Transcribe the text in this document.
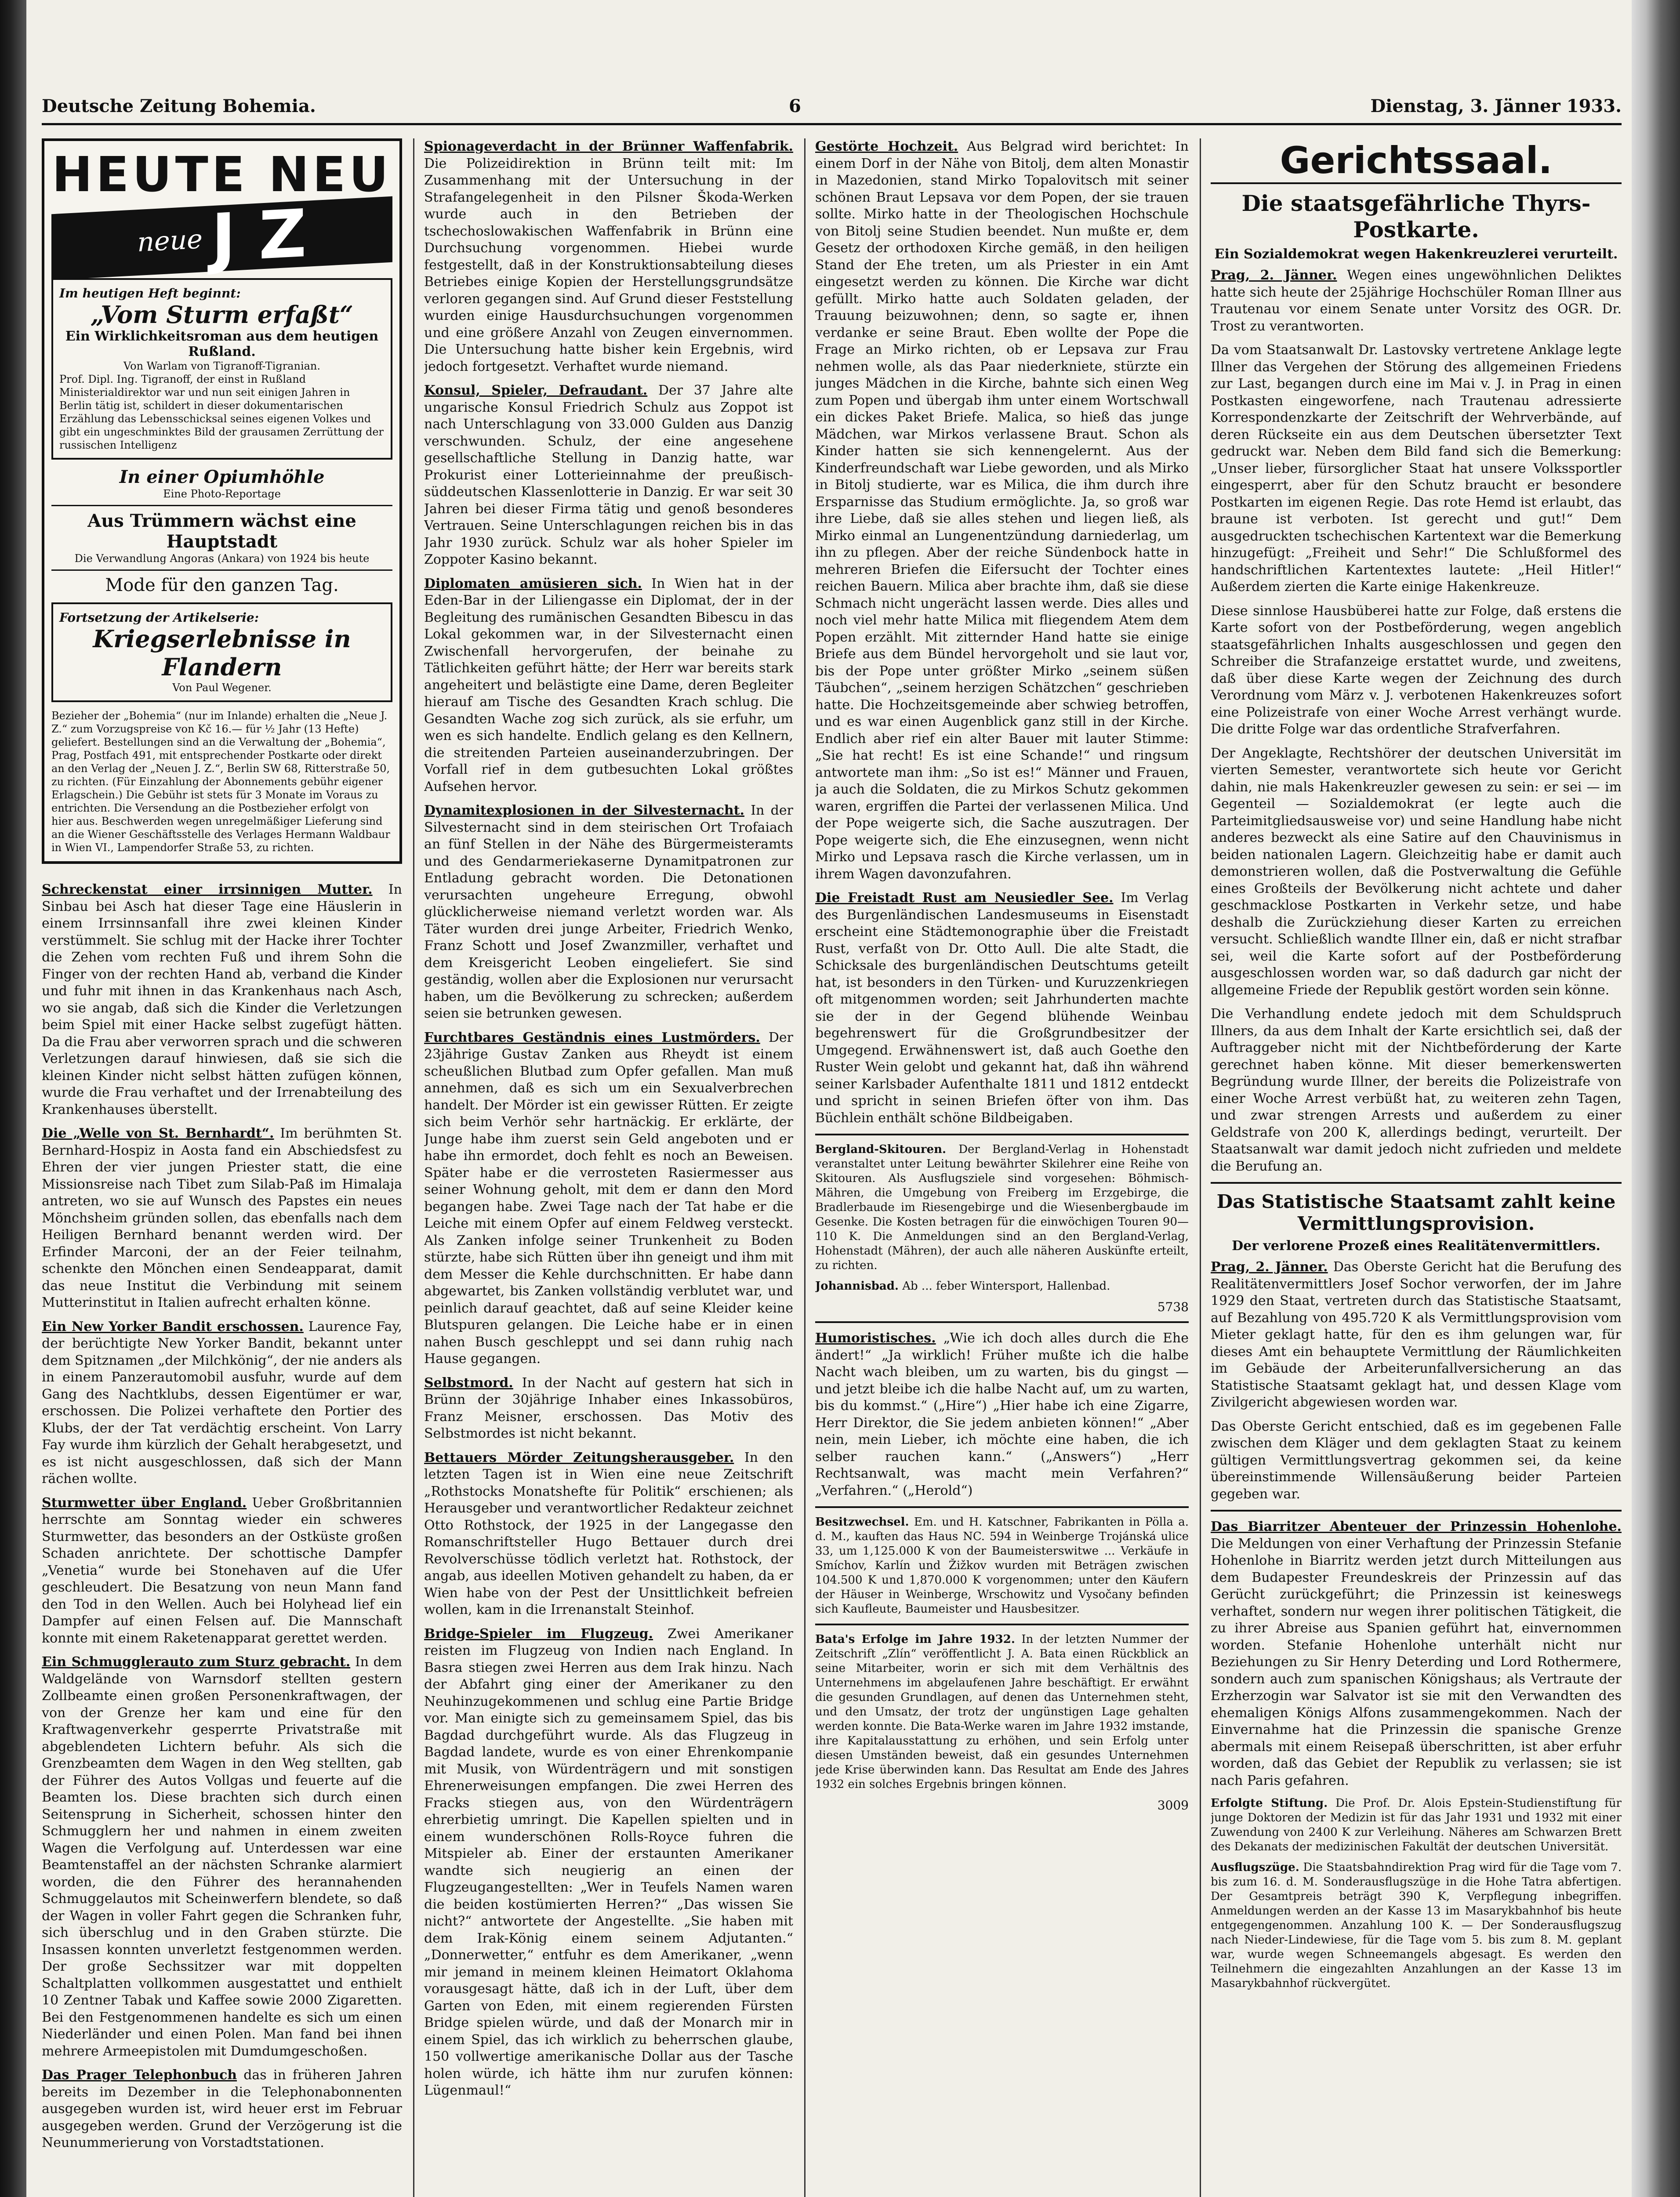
Deutsche Zeitung Bohemia.	6	Dienstag, 3. Jänner 1933.
HEUTE NEU
neue J Z
Im heutigen Heft beginnt:
„Vom Sturm erfaßt“
Ein Wirklichkeitsroman aus dem heutigen Rußland.
Von Warlam von Tigranoff-Tigranian.
Prof. Dipl. Ing. Tigranoff, der einst in Rußland Ministerialdirektor war und nun seit einigen Jahren in Berlin tätig ist, schildert in dieser dokumentarischen Erzählung das Lebensschicksal seines eigenen Volkes und gibt ein ungeschminktes Bild der grausamen Zerrüttung der russischen Intelligenz
In einer Opiumhöhle
Eine Photo-Reportage
Aus Trümmern wächst eine Hauptstadt
Die Verwandlung Angoras (Ankara) von 1924 bis heute
Mode für den ganzen Tag.
Fortsetzung der Artikelserie:
Kriegserlebnisse in Flandern
Von Paul Wegener.
Bezieher der „Bohemia“ (nur im Inlande) erhalten die „Neue J. Z.“ zum Vorzugspreise von Kč 16.— für ½ Jahr (13 Hefte) geliefert. Bestellungen sind an die Verwaltung der „Bohemia“, Prag, Postfach 491, mit entsprechender Postkarte oder direkt an den Verlag der „Neuen J. Z.“, Berlin SW 68, Ritterstraße 50, zu richten. (Für Einzahlung der Abonnements gebühr eigener Erlagschein.) Die Gebühr ist stets für 3 Monate im Voraus zu entrichten. Die Versendung an die Postbezieher erfolgt von hier aus. Beschwerden wegen unregelmäßiger Lieferung sind an die Wiener Geschäftsstelle des Verlages Hermann Waldbaur in Wien VI., Lampendorfer Straße 53, zu richten.

Schreckenstat einer irrsinnigen Mutter. In Sinbau bei Asch hat dieser Tage eine Häuslerin in einem Irrsinnsanfall ihre zwei kleinen Kinder verstümmelt. Sie schlug mit der Hacke ihrer Tochter die Zehen vom rechten Fuß und ihrem Sohn die Finger von der rechten Hand ab, verband die Kinder und fuhr mit ihnen in das Krankenhaus nach Asch, wo sie angab, daß sich die Kinder die Verletzungen beim Spiel mit einer Hacke selbst zugefügt hätten. Da die Frau aber verworren sprach und die schweren Verletzungen darauf hinwiesen, daß sie sich die kleinen Kinder nicht selbst hätten zufügen können, wurde die Frau verhaftet und der Irrenabteilung des Krankenhauses überstellt.

Die „Welle von St. Bernhardt“. Im berühmten St. Bernhard-Hospiz in Aosta fand ein Abschiedsfest zu Ehren der vier jungen Priester statt, die eine Missionsreise nach Tibet zum Silab-Paß im Himalaja antreten, wo sie auf Wunsch des Papstes ein neues Mönchsheim gründen sollen, das ebenfalls nach dem Heiligen Bernhard benannt werden wird. Der Erfinder Marconi, der an der Feier teilnahm, schenkte den Mönchen einen Sendeapparat, damit das neue Institut die Verbindung mit seinem Mutterinstitut in Italien aufrecht erhalten könne.

Ein New Yorker Bandit erschossen. Laurence Fay, der berüchtigte New Yorker Bandit, bekannt unter dem Spitznamen „der Milchkönig“, der nie anders als in einem Panzerautomobil ausfuhr, wurde auf dem Gang des Nachtklubs, dessen Eigentümer er war, erschossen. Die Polizei verhaftete den Portier des Klubs, der der Tat verdächtig erscheint. Von Larry Fay wurde ihm kürzlich der Gehalt herabgesetzt, und es ist nicht ausgeschlossen, daß sich der Mann rächen wollte.

Sturmwetter über England. Ueber Großbritannien herrschte am Sonntag wieder ein schweres Sturmwetter, das besonders an der Ostküste großen Schaden anrichtete. Der schottische Dampfer „Venetia“ wurde bei Stonehaven auf die Ufer geschleudert. Die Besatzung von neun Mann fand den Tod in den Wellen. Auch bei Holyhead lief ein Dampfer auf einen Felsen auf. Die Mannschaft konnte mit einem Raketenapparat gerettet werden.

Ein Schmugglerauto zum Sturz gebracht. In dem Waldgelände von Warnsdorf stellten gestern Zollbeamte einen großen Personenkraftwagen, der von der Grenze her kam und eine für den Kraftwagenverkehr gesperrte Privatstraße mit abgeblendeten Lichtern befuhr. Als sich die Grenzbeamten dem Wagen in den Weg stellten, gab der Führer des Autos Vollgas und feuerte auf die Beamten los. Diese brachten sich durch einen Seitensprung in Sicherheit, schossen hinter den Schmugglern her und nahmen in einem zweiten Wagen die Verfolgung auf. Unterdessen war eine Beamtenstaffel an der nächsten Schranke alarmiert worden, die den Führer des herannahenden Schmuggelautos mit Scheinwerfern blendete, so daß der Wagen in voller Fahrt gegen die Schranken fuhr, sich überschlug und in den Graben stürzte. Die Insassen konnten unverletzt festgenommen werden. Der große Sechssitzer war mit doppelten Schaltplatten vollkommen ausgestattet und enthielt 10 Zentner Tabak und Kaffee sowie 2000 Zigaretten. Bei den Festgenommenen handelte es sich um einen Niederländer und einen Polen. Man fand bei ihnen mehrere Armeepistolen mit Dumdumgeschoßen.

Das Prager Telephonbuch das in früheren Jahren bereits im Dezember in die Telephonabonnenten ausgegeben wurden ist, wird heuer erst im Februar ausgegeben werden. Grund der Verzögerung ist die Neunummerierung von Vorstadtstationen.

Spionageverdacht in der Brünner Waffenfabrik. Die Polizeidirektion in Brünn teilt mit: Im Zusammenhang mit der Untersuchung in der Strafangelegenheit in den Pilsner Škoda-Werken wurde auch in den Betrieben der tschechoslowakischen Waffenfabrik in Brünn eine Durchsuchung vorgenommen. Hiebei wurde festgestellt, daß in der Konstruktionsabteilung dieses Betriebes einige Kopien der Herstellungsgrundsätze verloren gegangen sind. Auf Grund dieser Feststellung wurden einige Hausdurchsuchungen vorgenommen und eine größere Anzahl von Zeugen einvernommen. Die Untersuchung hatte bisher kein Ergebnis, wird jedoch fortgesetzt. Verhaftet wurde niemand.

Konsul, Spieler, Defraudant. Der 37 Jahre alte ungarische Konsul Friedrich Schulz aus Zoppot ist nach Unterschlagung von 33.000 Gulden aus Danzig verschwunden. Schulz, der eine angesehene gesellschaftliche Stellung in Danzig hatte, war Prokurist einer Lotterieinnahme der preußisch-süddeutschen Klassenlotterie in Danzig. Er war seit 30 Jahren bei dieser Firma tätig und genoß besonderes Vertrauen. Seine Unterschlagungen reichen bis in das Jahr 1930 zurück. Schulz war als hoher Spieler im Zoppoter Kasino bekannt.

Diplomaten amüsieren sich. In Wien hat in der Eden-Bar in der Liliengasse ein Diplomat, der in der Begleitung des rumänischen Gesandten Bibescu in das Lokal gekommen war, in der Silvesternacht einen Zwischenfall hervorgerufen, der beinahe zu Tätlichkeiten geführt hätte; der Herr war bereits stark angeheitert und belästigte eine Dame, deren Begleiter hierauf am Tische des Gesandten Krach schlug. Die Gesandten Wache zog sich zurück, als sie erfuhr, um wen es sich handelte. Endlich gelang es den Kellnern, die streitenden Parteien auseinanderzubringen. Der Vorfall rief in dem gutbesuchten Lokal größtes Aufsehen hervor.

Dynamitexplosionen in der Silvesternacht. In der Silvesternacht sind in dem steirischen Ort Trofaiach an fünf Stellen in der Nähe des Bürgermeisteramts und des Gendarmeriekaserne Dynamitpatronen zur Entladung gebracht worden. Die Detonationen verursachten ungeheure Erregung, obwohl glücklicherweise niemand verletzt worden war. Als Täter wurden drei junge Arbeiter, Friedrich Wenko, Franz Schott und Josef Zwanzmiller, verhaftet und dem Kreisgericht Leoben eingeliefert. Sie sind geständig, wollen aber die Explosionen nur verursacht haben, um die Bevölkerung zu schrecken; außerdem seien sie betrunken gewesen.

Furchtbares Geständnis eines Lustmörders. Der 23jährige Gustav Zanken aus Rheydt ist einem scheußlichen Blutbad zum Opfer gefallen. Man muß annehmen, daß es sich um ein Sexualverbrechen handelt. Der Mörder ist ein gewisser Rütten. Er zeigte sich beim Verhör sehr hartnäckig. Er erklärte, der Junge habe ihm zuerst sein Geld angeboten und er habe ihn ermordet, doch fehlt es noch an Beweisen. Später habe er die verrosteten Rasiermesser aus seiner Wohnung geholt, mit dem er dann den Mord begangen habe. Zwei Tage nach der Tat habe er die Leiche mit einem Opfer auf einem Feldweg versteckt. Als Zanken infolge seiner Trunkenheit zu Boden stürzte, habe sich Rütten über ihn geneigt und ihm mit dem Messer die Kehle durchschnitten. Er habe dann abgewartet, bis Zanken vollständig verblutet war, und peinlich darauf geachtet, daß auf seine Kleider keine Blutspuren gelangen. Die Leiche habe er in einen nahen Busch geschleppt und sei dann ruhig nach Hause gegangen.

Selbstmord. In der Nacht auf gestern hat sich in Brünn der 30jährige Inhaber eines Inkassobüros, Franz Meisner, erschossen. Das Motiv des Selbstmordes ist nicht bekannt.

Bettauers Mörder Zeitungsherausgeber. In den letzten Tagen ist in Wien eine neue Zeitschrift „Rothstocks Monatshefte für Politik“ erschienen; als Herausgeber und verantwortlicher Redakteur zeichnet Otto Rothstock, der 1925 in der Langegasse den Romanschriftsteller Hugo Bettauer durch drei Revolverschüsse tödlich verletzt hat. Rothstock, der angab, aus ideellen Motiven gehandelt zu haben, da er Wien habe von der Pest der Unsittlichkeit befreien wollen, kam in die Irrenanstalt Steinhof.

Bridge-Spieler im Flugzeug. Zwei Amerikaner reisten im Flugzeug von Indien nach England. In Basra stiegen zwei Herren aus dem Irak hinzu. Nach der Abfahrt ging einer der Amerikaner zu den Neuhinzugekommenen und schlug eine Partie Bridge vor. Man einigte sich zu gemeinsamem Spiel, das bis Bagdad durchgeführt wurde. Als das Flugzeug in Bagdad landete, wurde es von einer Ehrenkompanie mit Musik, von Würdenträgern und mit sonstigen Ehrenerweisungen empfangen. Die zwei Herren des Fracks stiegen aus, von den Würdenträgern ehrerbietig umringt. Die Kapellen spielten und in einem wunderschönen Rolls-Royce fuhren die Mitspieler ab. Einer der erstaunten Amerikaner wandte sich neugierig an einen der Flugzeugangestellten: „Wer in Teufels Namen waren die beiden kostümierten Herren?“ „Das wissen Sie nicht?“ antwortete der Angestellte. „Sie haben mit dem Irak-König einem seinem Adjutanten.“ „Donnerwetter,“ entfuhr es dem Amerikaner, „wenn mir jemand in meinem kleinen Heimatort Oklahoma vorausgesagt hätte, daß ich in der Luft, über dem Garten von Eden, mit einem regierenden Fürsten Bridge spielen würde, und daß der Monarch mir in einem Spiel, das ich wirklich zu beherrschen glaube, 150 vollwertige amerikanische Dollar aus der Tasche holen würde, ich hätte ihm nur zurufen können: Lügenmaul!“

Gestörte Hochzeit. Aus Belgrad wird berichtet: In einem Dorf in der Nähe von Bitolj, dem alten Monastir in Mazedonien, stand Mirko Topalovitsch mit seiner schönen Braut Lepsava vor dem Popen, der sie trauen sollte. Mirko hatte in der Theologischen Hochschule von Bitolj seine Studien beendet. Nun mußte er, dem Gesetz der orthodoxen Kirche gemäß, in den heiligen Stand der Ehe treten, um als Priester in ein Amt eingesetzt werden zu können. Die Kirche war dicht gefüllt. Mirko hatte auch Soldaten geladen, der Trauung beizuwohnen; denn, so sagte er, ihnen verdanke er seine Braut. Eben wollte der Pope die Frage an Mirko richten, ob er Lepsava zur Frau nehmen wolle, als das Paar niederkniete, stürzte ein junges Mädchen in die Kirche, bahnte sich einen Weg zum Popen und übergab ihm unter einem Wortschwall ein dickes Paket Briefe. Malica, so hieß das junge Mädchen, war Mirkos verlassene Braut. Schon als Kinder hatten sie sich kennengelernt. Aus der Kinderfreundschaft war Liebe geworden, und als Mirko in Bitolj studierte, war es Milica, die ihm durch ihre Ersparnisse das Studium ermöglichte. Ja, so groß war ihre Liebe, daß sie alles stehen und liegen ließ, als Mirko einmal an Lungenentzündung darniederlag, um ihn zu pflegen. Aber der reiche Sündenbock hatte in mehreren Briefen die Eifersucht der Tochter eines reichen Bauern. Milica aber brachte ihm, daß sie diese Schmach nicht ungerächt lassen werde. Dies alles und noch viel mehr hatte Milica mit fliegendem Atem dem Popen erzählt. Mit zitternder Hand hatte sie einige Briefe aus dem Bündel hervorgeholt und sie laut vor, bis der Pope unter größter Mirko „seinem süßen Täubchen“, „seinem herzigen Schätzchen“ geschrieben hatte. Die Hochzeitsgemeinde aber schwieg betroffen, und es war einen Augenblick ganz still in der Kirche. Endlich aber rief ein alter Bauer mit lauter Stimme: „Sie hat recht! Es ist eine Schande!“ und ringsum antwortete man ihm: „So ist es!“ Männer und Frauen, ja auch die Soldaten, die zu Mirkos Schutz gekommen waren, ergriffen die Partei der verlassenen Milica. Und der Pope weigerte sich, die Sache auszutragen. Der Pope weigerte sich, die Ehe einzusegnen, wenn nicht Mirko und Lepsava rasch die Kirche verlassen, um in ihrem Wagen davonzufahren.

Die Freistadt Rust am Neusiedler See. Im Verlag des Burgenländischen Landesmuseums in Eisenstadt erscheint eine Städtemonographie über die Freistadt Rust, verfaßt von Dr. Otto Aull. Die alte Stadt, die Schicksale des burgenländischen Deutschtums geteilt hat, ist besonders in den Türken- und Kuruzzenkriegen oft mitgenommen worden; seit Jahrhunderten machte sie der in der Gegend blühende Weinbau begehrenswert für die Großgrundbesitzer der Umgegend. Erwähnenswert ist, daß auch Goethe den Ruster Wein gelobt und gekannt hat, daß ihn während seiner Karlsbader Aufenthalte 1811 und 1812 entdeckt und spricht in seinen Briefen öfter von ihm. Das Büchlein enthält schöne Bildbeigaben.

Bergland-Skitouren. Der Bergland-Verlag in Hohenstadt veranstaltet unter Leitung bewährter Skilehrer eine Reihe von Skitouren. Als Ausflugsziele sind vorgesehen: Böhmisch-Mähren, die Umgebung von Freiberg im Erzgebirge, die Bradlerbaude im Riesengebirge und die Wiesenbergbaude im Gesenke. Die Kosten betragen für die einwöchigen Touren 90—110 K. Die Anmeldungen sind an den Bergland-Verlag, Hohenstadt (Mähren), der auch alle näheren Auskünfte erteilt, zu richten.

Johannisbad. Ab ... feber Wintersport, Hallenbad.

5738

Humoristisches. „Wie ich doch alles durch die Ehe ändert!“ „Ja wirklich! Früher mußte ich die halbe Nacht wach bleiben, um zu warten, bis du gingst — und jetzt bleibe ich die halbe Nacht auf, um zu warten, bis du kommst.“ („Hire“) „Hier habe ich eine Zigarre, Herr Direktor, die Sie jedem anbieten können!“ „Aber nein, mein Lieber, ich möchte eine haben, die ich selber rauchen kann.“ („Answers“) „Herr Rechtsanwalt, was macht mein Verfahren?“ „Verfahren.“ („Herold“)

Besitzwechsel. Em. und H. Katschner, Fabrikanten in Pölla a. d. M., kauften das Haus NC. 594 in Weinberge Trojánská ulice 33, um 1,125.000 K von der Baumeisterswitwe ... Verkäufe in Smíchov, Karlín und Žižkov wurden mit Beträgen zwischen 104.500 K und 1,870.000 K vorgenommen; unter den Käufern der Häuser in Weinberge, Wrschowitz und Vysočany befinden sich Kaufleute, Baumeister und Hausbesitzer.

Bata's Erfolge im Jahre 1932. In der letzten Nummer der Zeitschrift „Zlín“ veröffentlicht J. A. Bata einen Rückblick an seine Mitarbeiter, worin er sich mit dem Verhältnis des Unternehmens im abgelaufenen Jahre beschäftigt. Er erwähnt die gesunden Grundlagen, auf denen das Unternehmen steht, und den Umsatz, der trotz der ungünstigen Lage gehalten werden konnte. Die Bata-Werke waren im Jahre 1932 imstande, ihre Kapitalausstattung zu erhöhen, und sein Erfolg unter diesen Umständen beweist, daß ein gesundes Unternehmen jede Krise überwinden kann. Das Resultat am Ende des Jahres 1932 ein solches Ergebnis bringen können.

3009
Gerichtssaal.
Die staatsgefährliche Thyrs-Postkarte.
Ein Sozialdemokrat wegen Hakenkreuzlerei verurteilt.

Prag, 2. Jänner. Wegen eines ungewöhnlichen Deliktes hatte sich heute der 25jährige Hochschüler Roman Illner aus Trautenau vor einem Senate unter Vorsitz des OGR. Dr. Trost zu verantworten.

Da vom Staatsanwalt Dr. Lastovsky vertretene Anklage legte Illner das Vergehen der Störung des allgemeinen Friedens zur Last, begangen durch eine im Mai v. J. in Prag in einen Postkasten eingeworfene, nach Trautenau adressierte Korrespondenzkarte der Zeitschrift der Wehrverbände, auf deren Rückseite ein aus dem Deutschen übersetzter Text gedruckt war. Neben dem Bild fand sich die Bemerkung: „Unser lieber, fürsorglicher Staat hat unsere Volkssportler eingesperrt, aber für den Schutz braucht er besondere Postkarten im eigenen Regie. Das rote Hemd ist erlaubt, das braune ist verboten. Ist gerecht und gut!“ Dem ausgedruckten tschechischen Kartentext war die Bemerkung hinzugefügt: „Freiheit und Sehr!“ Die Schlußformel des handschriftlichen Kartentextes lautete: „Heil Hitler!“ Außerdem zierten die Karte einige Hakenkreuze.

Diese sinnlose Hausbüberei hatte zur Folge, daß erstens die Karte sofort von der Postbeförderung, wegen angeblich staatsgefährlichen Inhalts ausgeschlossen und gegen den Schreiber die Strafanzeige erstattet wurde, und zweitens, daß über diese Karte wegen der Zeichnung des durch Verordnung vom März v. J. verbotenen Hakenkreuzes sofort eine Polizeistrafe von einer Woche Arrest verhängt wurde. Die dritte Folge war das ordentliche Strafverfahren.

Der Angeklagte, Rechtshörer der deutschen Universität im vierten Semester, verantwortete sich heute vor Gericht dahin, nie mals Hakenkreuzler gewesen zu sein: er sei — im Gegenteil — Sozialdemokrat (er legte auch die Parteimitgliedsausweise vor) und seine Handlung habe nicht anderes bezweckt als eine Satire auf den Chauvinismus in beiden nationalen Lagern. Gleichzeitig habe er damit auch demonstrieren wollen, daß die Postverwaltung die Gefühle eines Großteils der Bevölkerung nicht achtete und daher geschmacklose Postkarten in Verkehr setze, und habe deshalb die Zurückziehung dieser Karten zu erreichen versucht. Schließlich wandte Illner ein, daß er nicht strafbar sei, weil die Karte sofort auf der Postbeförderung ausgeschlossen worden war, so daß dadurch gar nicht der allgemeine Friede der Republik gestört worden sein könne.

Die Verhandlung endete jedoch mit dem Schuldspruch Illners, da aus dem Inhalt der Karte ersichtlich sei, daß der Auftraggeber nicht mit der Nichtbeförderung der Karte gerechnet haben könne. Mit dieser bemerkenswerten Begründung wurde Illner, der bereits die Polizeistrafe von einer Woche Arrest verbüßt hat, zu weiteren zehn Tagen, und zwar strengen Arrests und außerdem zu einer Geldstrafe von 200 K, allerdings bedingt, verurteilt. Der Staatsanwalt war damit jedoch nicht zufrieden und meldete die Berufung an.

Das Statistische Staatsamt zahlt keine Vermittlungsprovision.
Der verlorene Prozeß eines Realitätenvermittlers.

Prag, 2. Jänner. Das Oberste Gericht hat die Berufung des Realitätenvermittlers Josef Sochor verworfen, der im Jahre 1929 den Staat, vertreten durch das Statistische Staatsamt, auf Bezahlung von 495.720 K als Vermittlungsprovision vom Mieter geklagt hatte, für den es ihm gelungen war, für dieses Amt ein behauptete Vermittlung der Räumlichkeiten im Gebäude der Arbeiterunfallversicherung an das Statistische Staatsamt geklagt hat, und dessen Klage vom Zivilgericht abgewiesen worden war.

Das Oberste Gericht entschied, daß es im gegebenen Falle zwischen dem Kläger und dem geklagten Staat zu keinem gültigen Vermittlungsvertrag gekommen sei, da keine übereinstimmende Willensäußerung beider Parteien gegeben war.

Das Biarritzer Abenteuer der Prinzessin Hohenlohe. Die Meldungen von einer Verhaftung der Prinzessin Stefanie Hohenlohe in Biarritz werden jetzt durch Mitteilungen aus dem Budapester Freundeskreis der Prinzessin auf das Gerücht zurückgeführt; die Prinzessin ist keineswegs verhaftet, sondern nur wegen ihrer politischen Tätigkeit, die zu ihrer Abreise aus Spanien geführt hat, einvernommen worden. Stefanie Hohenlohe unterhält nicht nur Beziehungen zu Sir Henry Deterding und Lord Rothermere, sondern auch zum spanischen Königshaus; als Vertraute der Erzherzogin war Salvator ist sie mit den Verwandten des ehemaligen Königs Alfons zusammengekommen. Nach der Einvernahme hat die Prinzessin die spanische Grenze abermals mit einem Reisepaß überschritten, ist aber erfuhr worden, daß das Gebiet der Republik zu verlassen; sie ist nach Paris gefahren.

Erfolgte Stiftung. Die Prof. Dr. Alois Epstein-Studienstiftung für junge Doktoren der Medizin ist für das Jahr 1931 und 1932 mit einer Zuwendung von 2400 K zur Verleihung. Näheres am Schwarzen Brett des Dekanats der medizinischen Fakultät der deutschen Universität.

Ausflugszüge. Die Staatsbahndirektion Prag wird für die Tage vom 7. bis zum 16. d. M. Sonderausflugszüge in die Hohe Tatra abfertigen. Der Gesamtpreis beträgt 390 K, Verpflegung inbegriffen. Anmeldungen werden an der Kasse 13 im Masarykbahnhof bis heute entgegengenommen. Anzahlung 100 K. — Der Sonderausflugszug nach Nieder-Lindewiese, für die Tage vom 5. bis zum 8. M. geplant war, wurde wegen Schneemangels abgesagt. Es werden den Teilnehmern die eingezahlten Anzahlungen an der Kasse 13 im Masarykbahnhof rückvergütet.
